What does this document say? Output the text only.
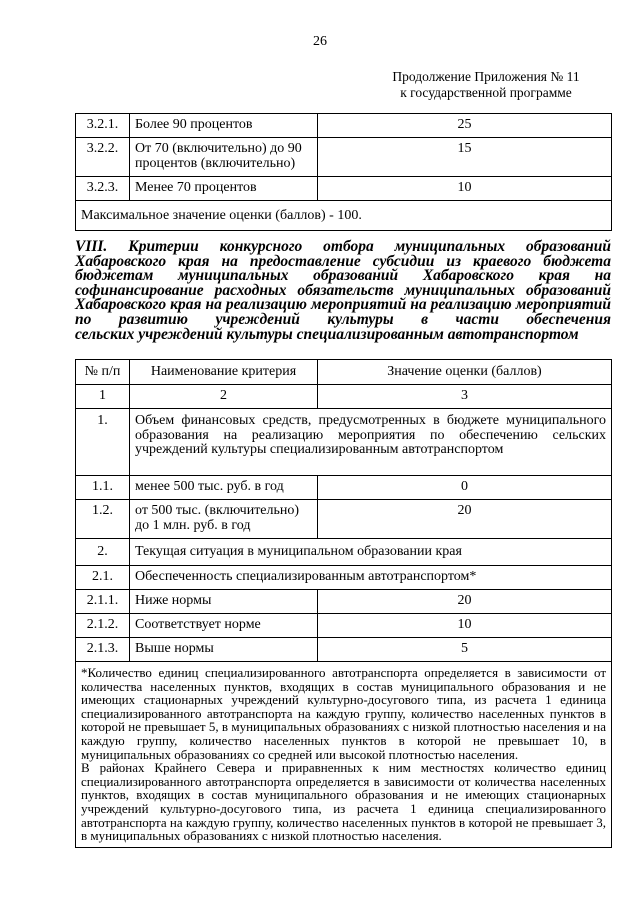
26
Продолжение Приложения № 11
к государственной программе
3.2.1.	Более 90 процентов	25
3.2.2.	От 70 (включительно) до 90 процентов (включительно)	15
3.2.3.	Менее 70 процентов	10
Максимальное значение оценки (баллов) - 100.		
VIII. Критерии конкурсного отбора муниципальных образований Хабаровского края на предоставление субсидии из краевого бюджета бюджетам муниципальных образований Хабаровского края на софинансирование расходных обязательств муниципальных образований Хабаровского края на реализацию мероприятий на реализацию мероприятий по развитию учреждений культуры в части обеспечения
сельских учреждений культуры специализированным автотранспортом
№ п/п	Наименование критерия	Значение оценки (баллов)
1	2	3
1.	Объем финансовых средств, предусмотренных в бюджете муниципального образования на реализацию мероприятия по обеспечению сельских учреждений культуры специализированным автотранспортом	
1.1.	менее 500 тыс. руб. в год	0
1.2.	от 500 тыс. (включительно) до 1 млн. руб. в год	20
2.	Текущая ситуация в муниципальном образовании края	
2.1.	Обеспеченность специализированным автотранспортом*	
2.1.1.	Ниже нормы	20
2.1.2.	Соответствует норме	10
2.1.3.	Выше нормы	5

*Количество единиц специализированного автотранспорта определяется в зависимости от количества населенных пунктов, входящих в состав муниципального образования и не имеющих стационарных учреждений культурно-досугового типа, из расчета 1 единица специализированного автотранспорта на каждую группу, количество населенных пунктов в которой не превышает 5, в муниципальных образованиях с низкой плотностью населения и на каждую группу, количество населенных пунктов в которой не превышает 10, в муниципальных образованиях со средней или высокой плотностью населения.

В районах Крайнего Севера и приравненных к ним местностях количество единиц специализированного автотранспорта определяется в зависимости от количества населенных пунктов, входящих в состав муниципального образования и не имеющих стационарных учреждений культурно-досугового типа, из расчета 1 единица специализированного автотранспорта на каждую группу, количество населенных пунктов в которой не превышает 3, в муниципальных образованиях с низкой плотностью населения.		
